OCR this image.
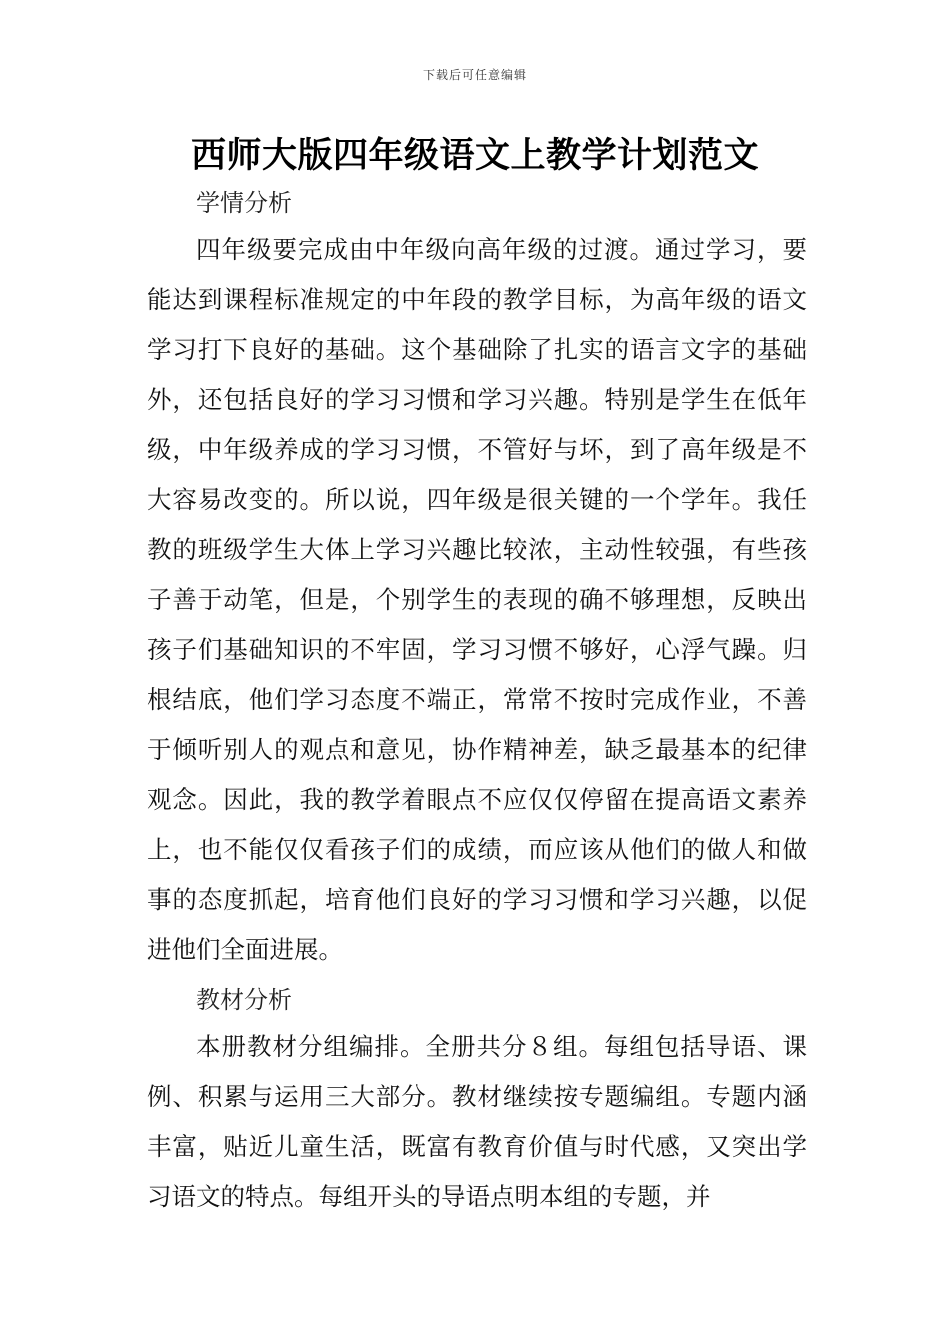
下载后可任意编辑
西师大版四年级语文上教学计划范文
学情分析

四年级要完成由中年级向高年级的过渡。通过学习，要能达到课程标准规定的中年段的教学目标，为高年级的语文学习打下良好的基础。这个基础除了扎实的语言文字的基础外，还包括良好的学习习惯和学习兴趣。特别是学生在低年级，中年级养成的学习习惯，不管好与坏，到了高年级是不大容易改变的。所以说，四年级是很关键的一个学年。我任教的班级学生大体上学习兴趣比较浓，主动性较强，有些孩子善于动笔，但是，个别学生的表现的确不够理想，反映出孩子们基础知识的不牢固，学习习惯不够好，心浮气躁。归根结底，他们学习态度不端正，常常不按时完成作业，不善于倾听别人的观点和意见，协作精神差，缺乏最基本的纪律观念。因此，我的教学着眼点不应仅仅停留在提高语文素养上，也不能仅仅看孩子们的成绩，而应该从他们的做人和做事的态度抓起，培育他们良好的学习习惯和学习兴趣，以促进他们全面进展。

教材分析

本册教材分组编排。全册共分８组。每组包括导语、课例、积累与运用三大部分。教材继续按专题编组。专题内涵丰富，贴近儿童生活，既富有教育价值与时代感，又突出学习语文的特点。每组开头的导语点明本组的专题，并
